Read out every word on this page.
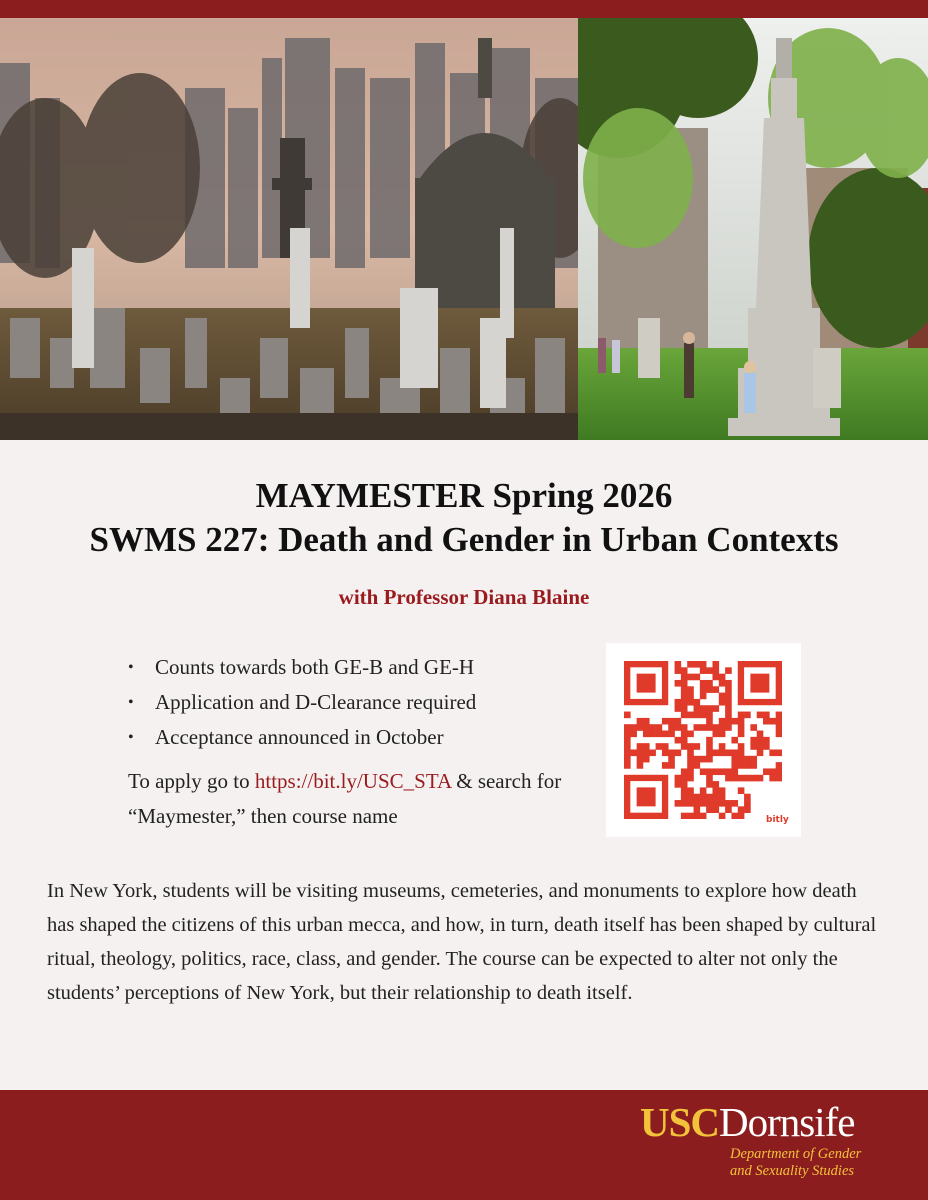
MAYMESTER Spring 2026
SWMS 227: Death and Gender in Urban Contexts
with Professor Diana Blaine
• Counts towards both GE-B and GE-H
• Application and D-Clearance required
• Acceptance announced in October
To apply go to https://bit.ly/USC_STA & search for “Maymester,” then course name	bitly
In New York, students will be visiting museums, cemeteries, and monuments to explore how death has shaped the citizens of this urban mecca, and how, in turn, death itself has been shaped by cultural ritual, theology, politics, race, class, and gender. The course can be expected to alter not only the students’ perceptions of New York, but their relationship to death itself.
USCDornsife
Department of Gender
and Sexuality Studies
